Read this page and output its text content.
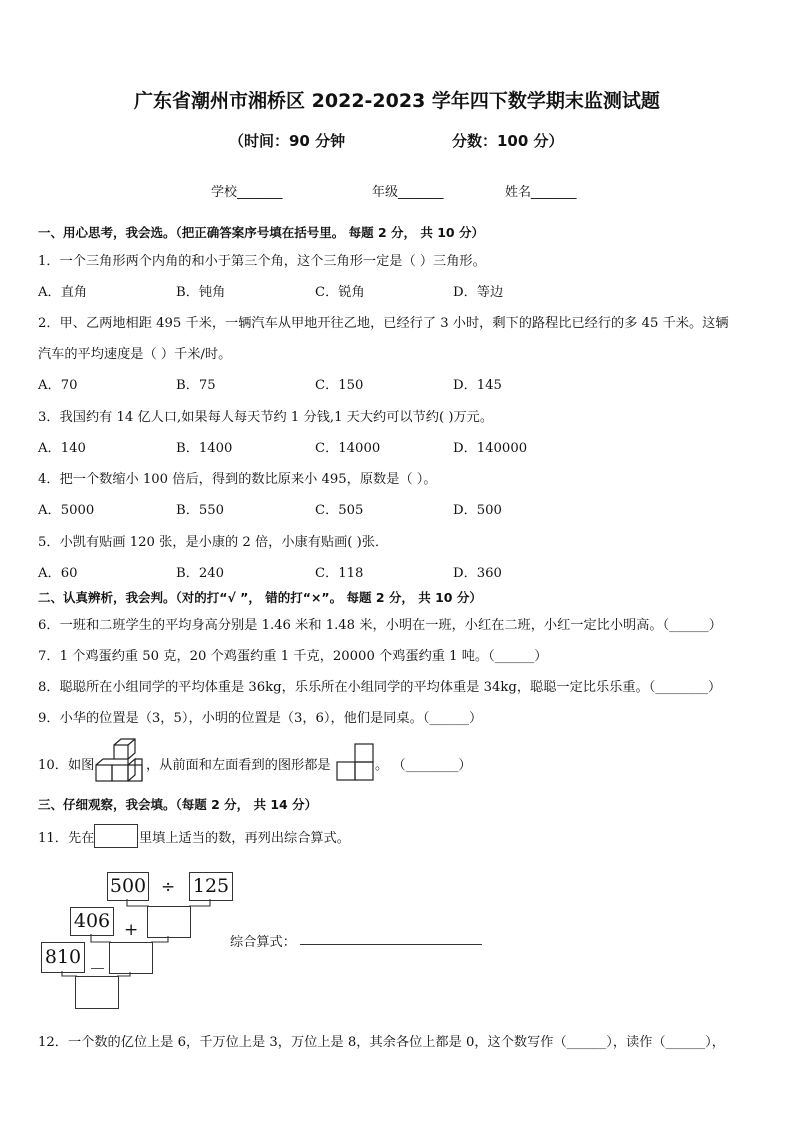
广东省潮州市湘桥区 2022-2023 学年四下数学期末监测试题
（时间：90 分钟	分数：100 分）
学校_______	年级_______	姓名_______
一、用心思考，我会选。（把正确答案序号填在括号里。 每题 2 分， 共 10 分）
1．一个三角形两个内角的和小于第三个角，这个三角形一定是（ ）三角形。
A．直角	B．钝角	C．锐角	D．等边
2．甲、乙两地相距 495 千米，一辆汽车从甲地开往乙地，已经行了 3 小时，剩下的路程比已经行的多 45 千米。这辆
汽车的平均速度是（ ）千米/时。
A．70	B．75	C．150	D．145
3．我国约有 14 亿人口,如果每人每天节约 1 分钱,1 天大约可以节约( )万元。
A．140	B．1400	C．14000	D．140000
4．把一个数缩小 100 倍后，得到的数比原来小 495，原数是（ ）。
A．5000	B．550	C．505	D．500
5．小凯有贴画 120 张，是小康的 2 倍，小康有贴画( )张．
A．60	B．240	C．118	D．360
二、认真辨析，我会判。（对的打“√ ”， 错的打“×”。 每题 2 分， 共 10 分）
6．一班和二班学生的平均身高分别是 1.46 米和 1.48 米，小明在一班，小红在二班，小红一定比小明高。（______）
7．1 个鸡蛋约重 50 克，20 个鸡蛋约重 1 千克，20000 个鸡蛋约重 1 吨。（______）
8．聪聪所在小组同学的平均体重是 36kg，乐乐所在小组同学的平均体重是 34kg，聪聪一定比乐乐重。（________）
9．小华的位置是（3，5），小明的位置是（3，6），他们是同桌。（______）
10．如图	，从前面和左面看到的图形都是	。 （________）
三、仔细观察，我会填。（每题 2 分， 共 14 分）
11．先在	里填上适当的数，再列出综合算式。
500 ÷ 125
406 +
810
－
综合算式：
12．一个数的亿位上是 6，千万位上是 3，万位上是 8，其余各位上都是 0，这个数写作（______），读作（______），
